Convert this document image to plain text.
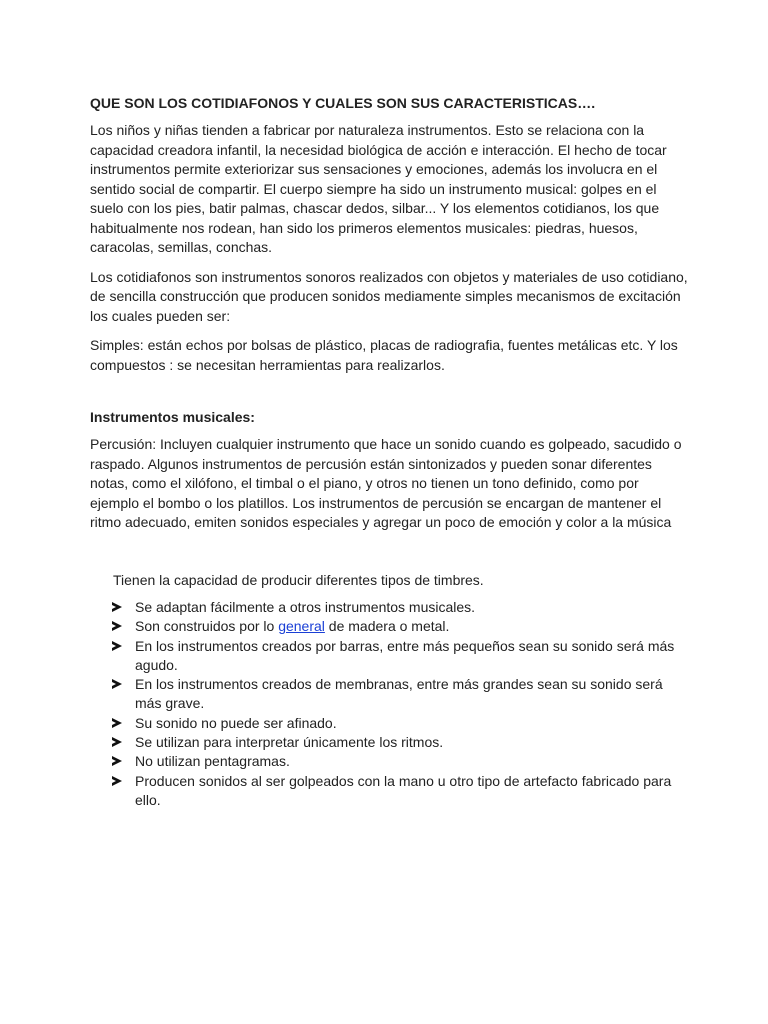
QUE SON LOS COTIDIAFONOS Y CUALES SON SUS CARACTERISTICAS….

Los niños y niñas tienden a fabricar por naturaleza instrumentos. Esto se relaciona con la capacidad creadora infantil, la necesidad biológica de acción e interacción. El hecho de tocar instrumentos permite exteriorizar sus sensaciones y emociones, además los involucra en el sentido social de compartir. El cuerpo siempre ha sido un instrumento musical: golpes en el suelo con los pies, batir palmas, chascar dedos, silbar... Y los elementos cotidianos, los que habitualmente nos rodean, han sido los primeros elementos musicales: piedras, huesos, caracolas, semillas, conchas.

Los cotidiafonos son instrumentos sonoros realizados con objetos y materiales de uso cotidiano, de sencilla construcción que producen sonidos mediamente simples mecanismos de excitación los cuales pueden ser:

Simples: están echos por bolsas de plástico, placas de radiografia, fuentes metálicas etc. Y los compuestos : se necesitan herramientas para realizarlos.

Instrumentos musicales:

Percusión: Incluyen cualquier instrumento que hace un sonido cuando es golpeado, sacudido o raspado. Algunos instrumentos de percusión están sintonizados y pueden sonar diferentes notas, como el xilófono, el timbal o el piano, y otros no tienen un tono definido, como por ejemplo el bombo o los platillos. Los instrumentos de percusión se encargan de mantener el ritmo adecuado, emiten sonidos especiales y agregar un poco de emoción y color a la música

Tienen la capacidad de producir diferentes tipos de timbres.

Se adaptan fácilmente a otros instrumentos musicales.
Son construidos por lo general de madera o metal.
En los instrumentos creados por barras, entre más pequeños sean su sonido será más agudo.
En los instrumentos creados de membranas, entre más grandes sean su sonido será más grave.
Su sonido no puede ser afinado.
Se utilizan para interpretar únicamente los ritmos.
No utilizan pentagramas.
Producen sonidos al ser golpeados con la mano u otro tipo de artefacto fabricado para ello.
